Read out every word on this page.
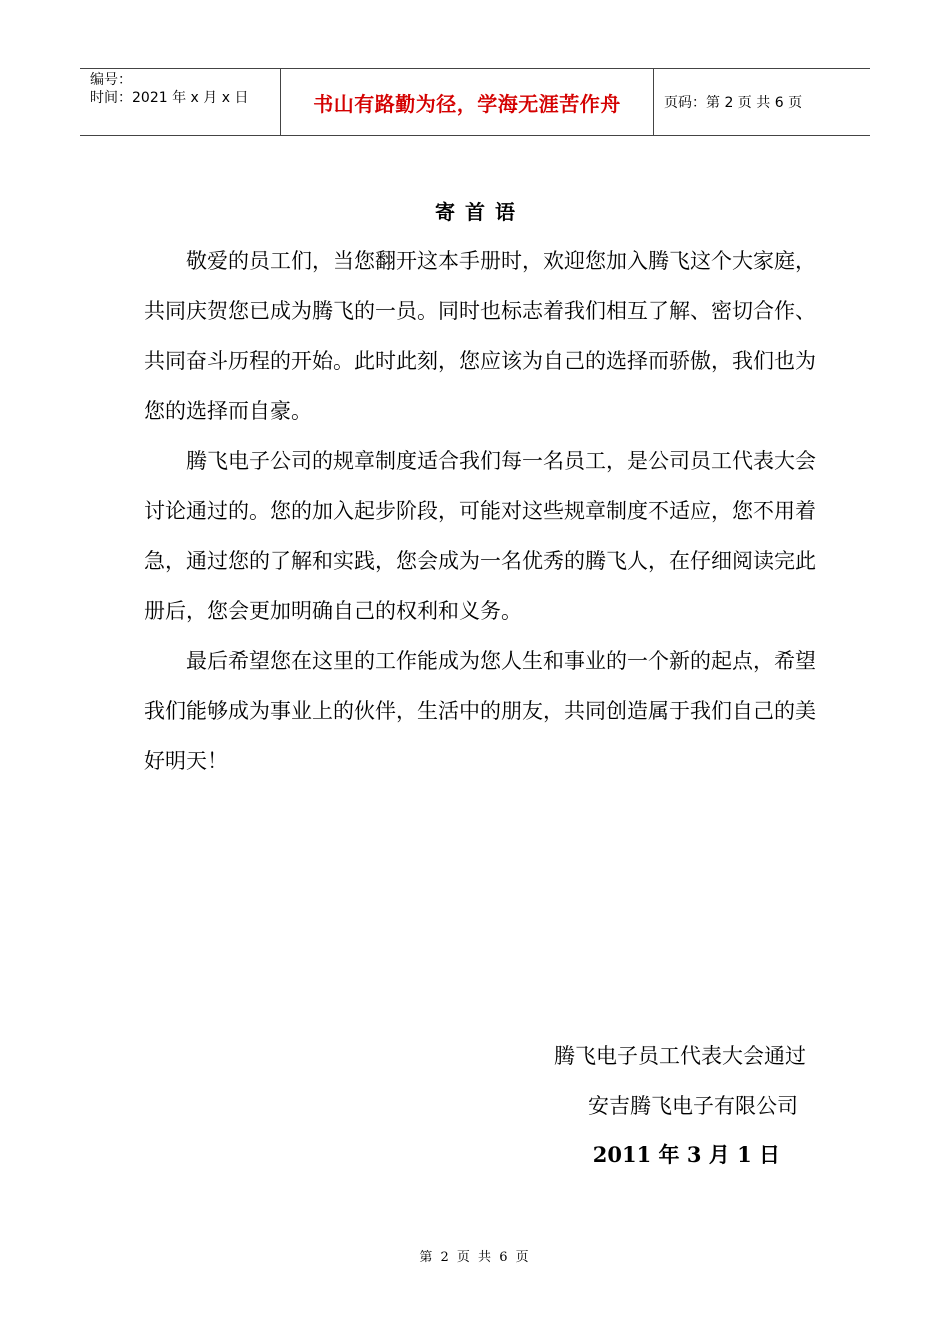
编号：
时间：2021 年 x 月 x 日	书山有路勤为径，学海无涯苦作舟	页码：第 2 页 共 6 页
寄首语

敬爱的员工们，当您翻开这本手册时，欢迎您加入腾飞这个大家庭，共同庆贺您已成为腾飞的一员。同时也标志着我们相互了解、密切合作、共同奋斗历程的开始。此时此刻，您应该为自己的选择而骄傲，我们也为您的选择而自豪。

腾飞电子公司的规章制度适合我们每一名员工，是公司员工代表大会讨论通过的。您的加入起步阶段，可能对这些规章制度不适应，您不用着急，通过您的了解和实践，您会成为一名优秀的腾飞人，在仔细阅读完此册后，您会更加明确自己的权利和义务。

最后希望您在这里的工作能成为您人生和事业的一个新的起点，希望我们能够成为事业上的伙伴，生活中的朋友，共同创造属于我们自己的美好明天！

腾飞电子员工代表大会通过
安吉腾飞电子有限公司
2011 年 3 月 1 日
第 2 页 共 6 页
